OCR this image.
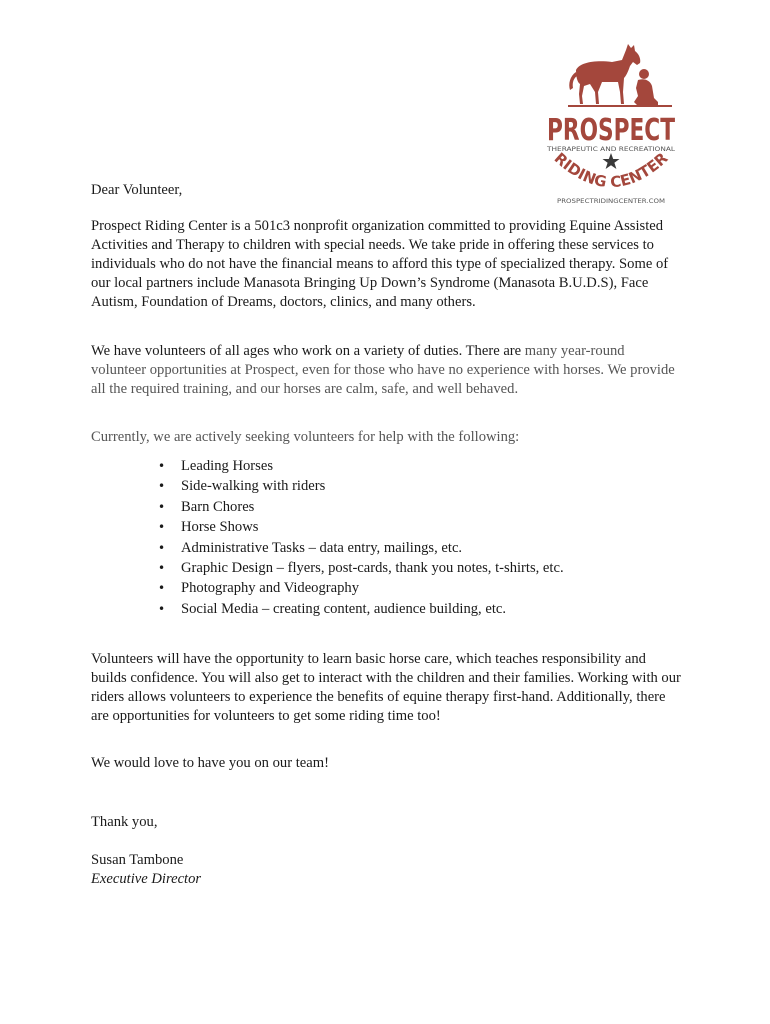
PROSPECT
THERAPEUTIC AND RECREATIONAL
RIDING CENTER
PROSPECTRIDINGCENTER.COM
Dear Volunteer,
Prospect Riding Center is a 501c3 nonprofit organization committed to providing Equine Assisted Activities and Therapy to children with special needs. We take pride in offering these services to individuals who do not have the financial means to afford this type of specialized therapy. Some of our local partners include Manasota Bringing Up Down’s Syndrome (Manasota B.U.D.S), Face Autism, Foundation of Dreams, doctors, clinics, and many others.
We have volunteers of all ages who work on a variety of duties. There are many year-round volunteer opportunities at Prospect, even for those who have no experience with horses. We provide all the required training, and our horses are calm, safe, and well behaved.
Currently, we are actively seeking volunteers for help with the following:
• Leading Horses
• Side-walking with riders
• Barn Chores
• Horse Shows
• Administrative Tasks – data entry, mailings, etc.
• Graphic Design – flyers, post-cards, thank you notes, t-shirts, etc.
• Photography and Videography
• Social Media – creating content, audience building, etc.
Volunteers will have the opportunity to learn basic horse care, which teaches responsibility and builds confidence. You will also get to interact with the children and their families. Working with our riders allows volunteers to experience the benefits of equine therapy first-hand. Additionally, there are opportunities for volunteers to get some riding time too!
We would love to have you on our team!
Thank you,
Susan Tambone
Executive Director
